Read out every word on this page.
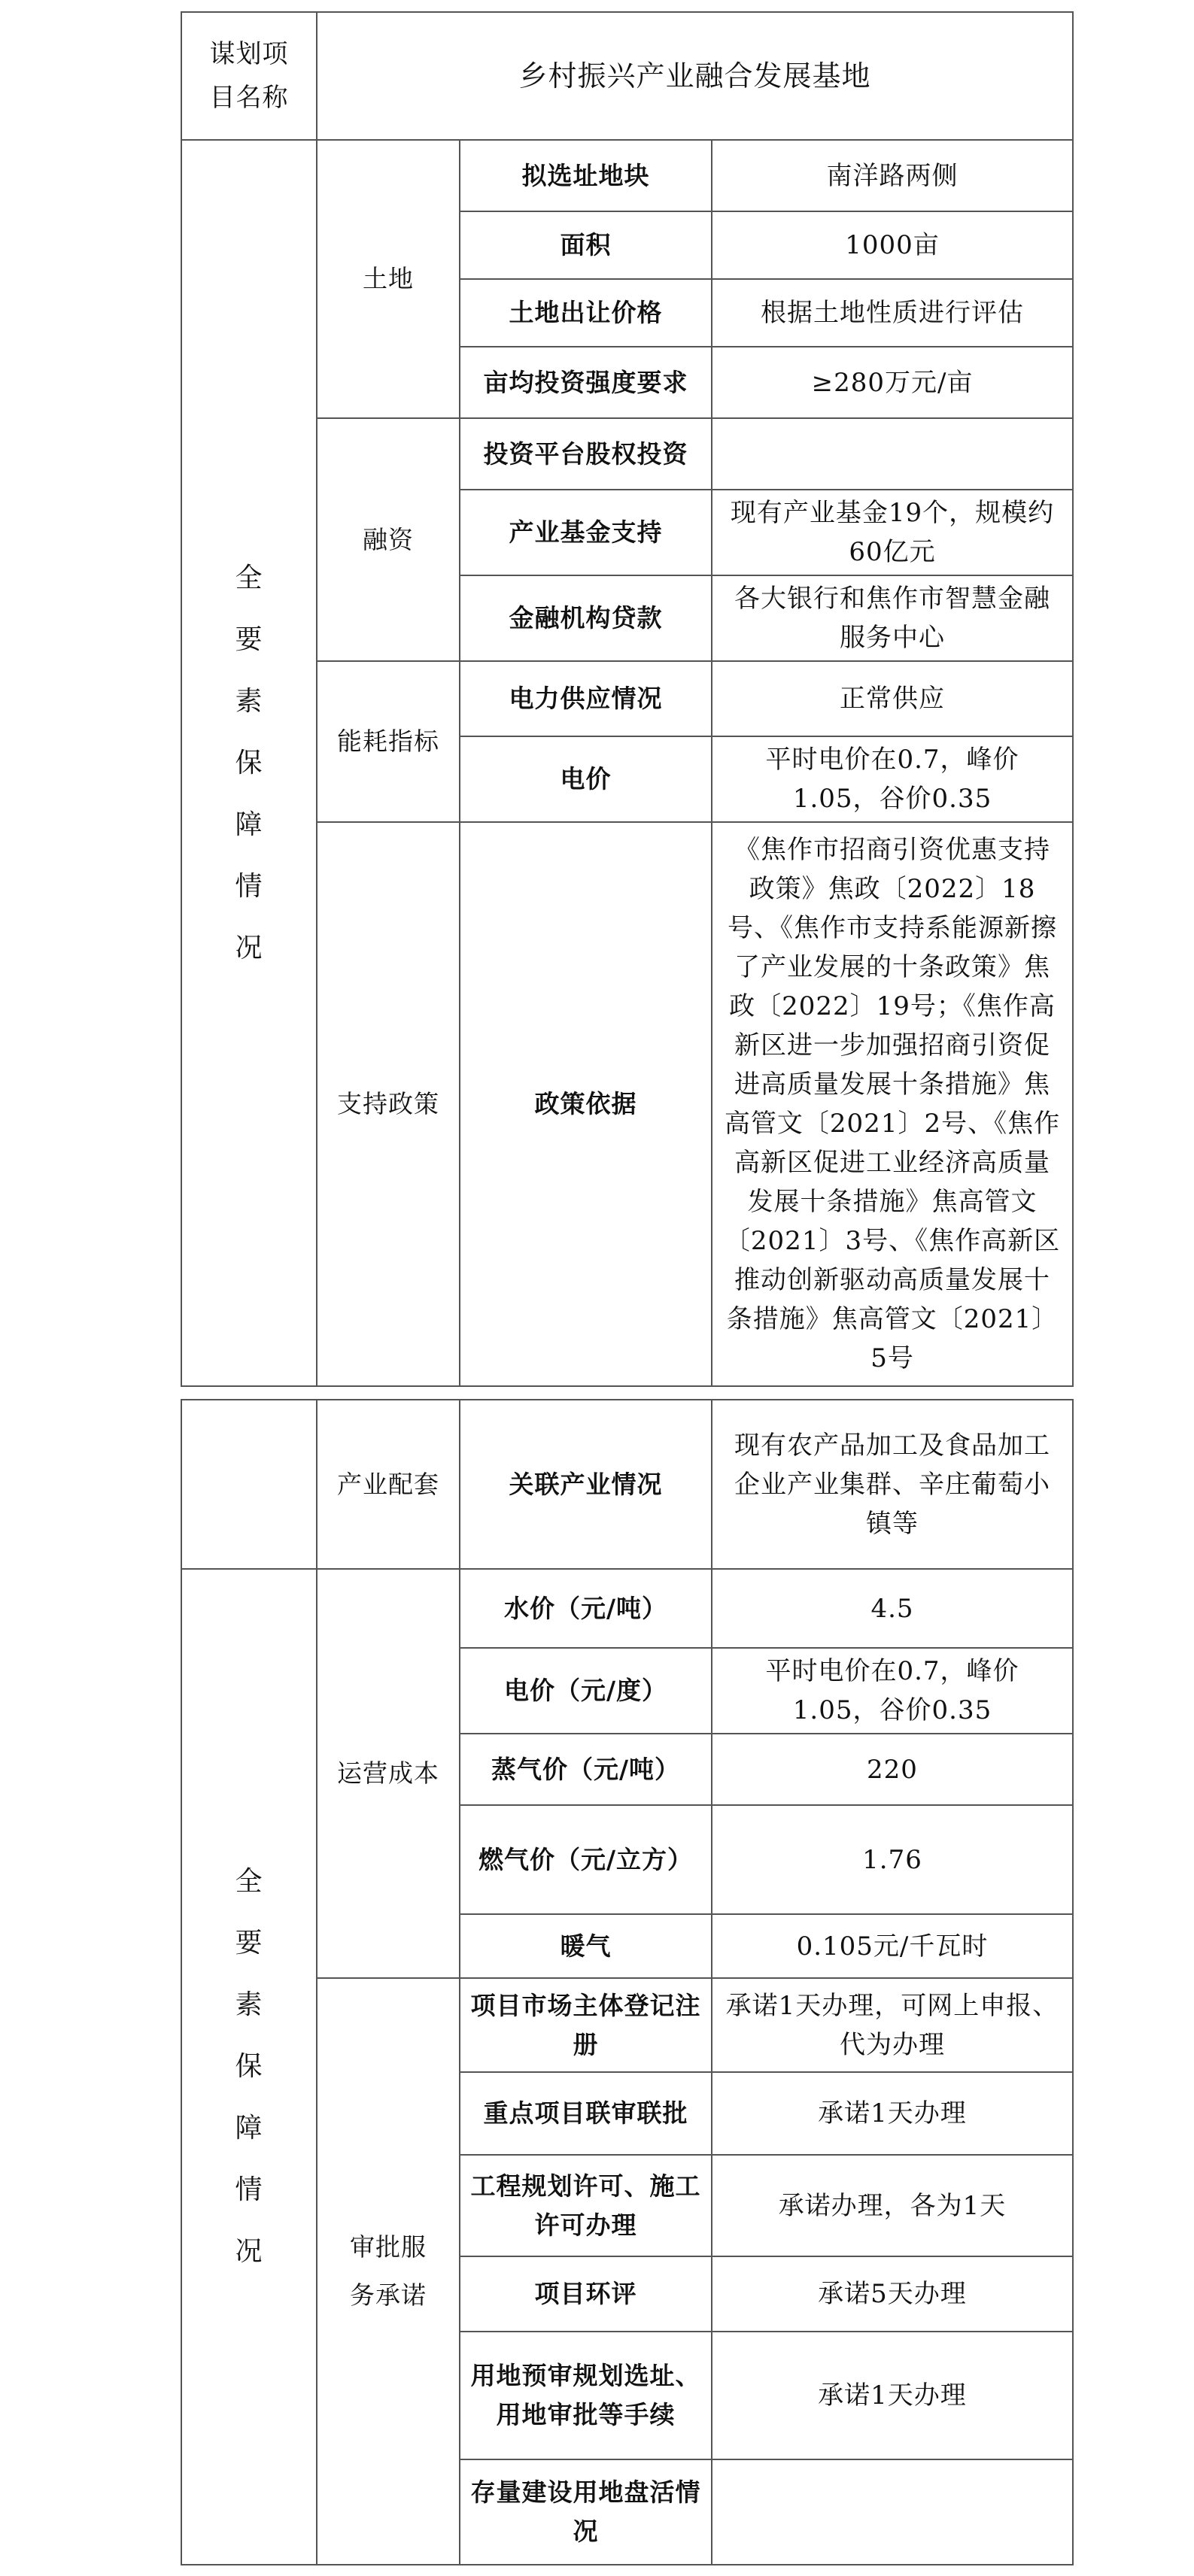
谋划项目名称	乡村振兴产业融合发展基地		
全要素保障情况	土地	拟选址地块	南洋路两侧
		面积	1000亩
		土地出让价格	根据土地性质进行评估
		亩均投资强度要求	≥280万元/亩
	融资	投资平台股权投资	
		产业基金支持	现有产业基金19个，规模约60亿元
		金融机构贷款	各大银行和焦作市智慧金融服务中心
	能耗指标	电力供应情况	正常供应
		电价	平时电价在0.7，峰价1.05，谷价0.35
	支持政策	政策依据	《焦作市招商引资优惠支持政策》焦政〔2022〕18号、《焦作市支持系能源新擦了产业发展的十条政策》焦政〔2022〕19号；《焦作高新区进一步加强招商引资促进高质量发展十条措施》焦高管文〔2021〕2号、《焦作高新区促进工业经济高质量发展十条措施》焦高管文〔2021〕3号、《焦作高新区推动创新驱动高质量发展十条措施》焦高管文〔2021〕5号
	产业配套	关联产业情况	现有农产品加工及食品加工企业产业集群、辛庄葡萄小镇等
全要素保障情况	运营成本	水价（元/吨）	4.5
		电价（元/度）	平时电价在0.7，峰价1.05，谷价0.35
		蒸气价（元/吨）	220
		燃气价（元/立方）	1.76
		暖气	0.105元/千瓦时
	审批服务承诺	项目市场主体登记注册	承诺1天办理，可网上申报、代为办理
		重点项目联审联批	承诺1天办理
		工程规划许可、施工许可办理	承诺办理，各为1天
		项目环评	承诺5天办理
		用地预审规划选址、用地审批等手续	承诺1天办理
		存量建设用地盘活情况	
